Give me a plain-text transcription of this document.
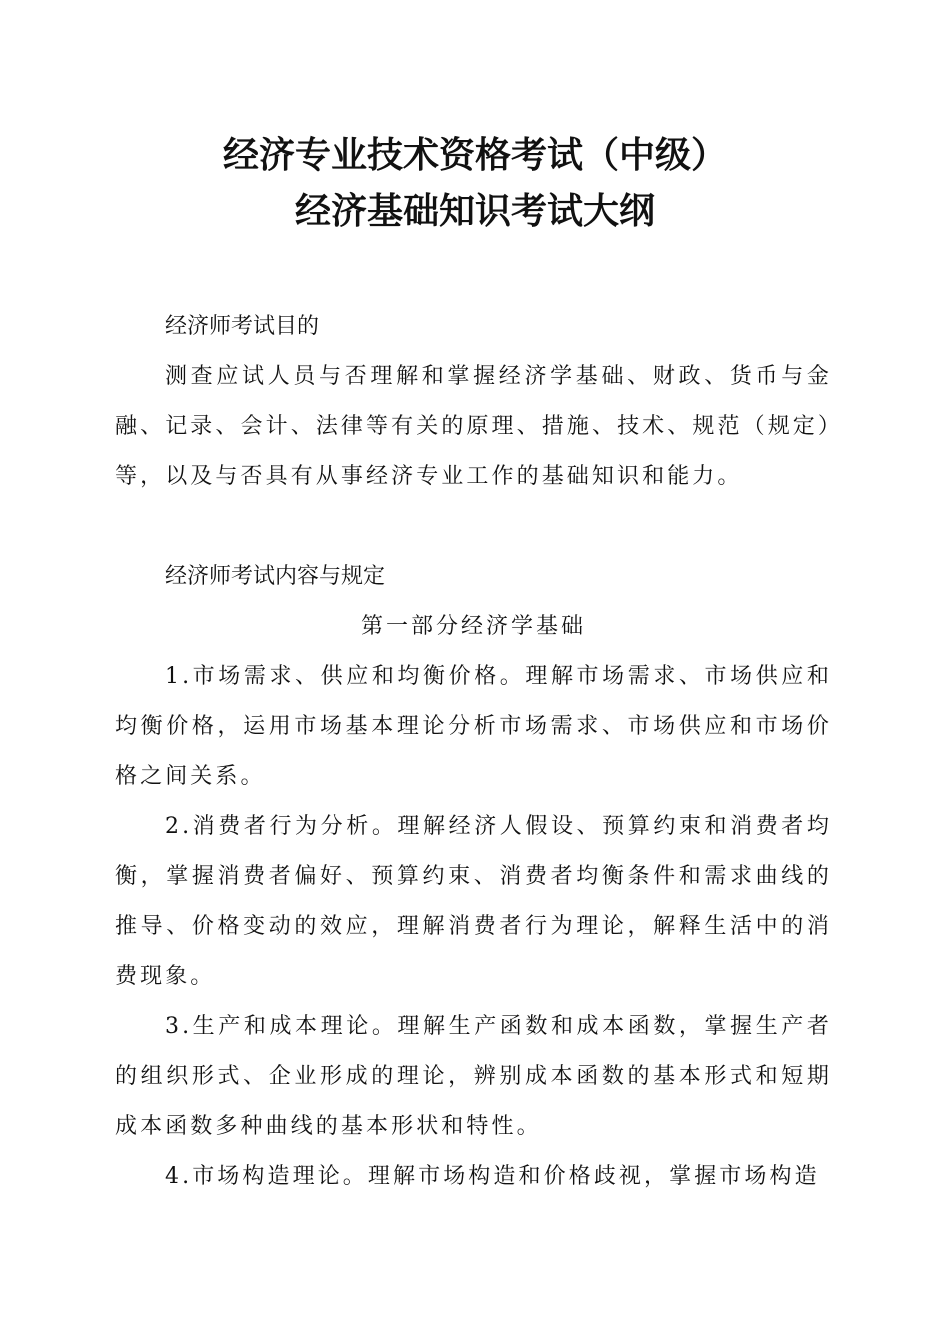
经济专业技术资格考试（中级）
经济基础知识考试大纲

经济师考试目的

测查应试人员与否理解和掌握经济学基础、财政、货币与金融、记录、会计、法律等有关的原理、措施、技术、规范（规定）等，以及与否具有从事经济专业工作的基础知识和能力。

经济师考试内容与规定

第一部分经济学基础

1.市场需求、供应和均衡价格。理解市场需求、市场供应和均衡价格，运用市场基本理论分析市场需求、市场供应和市场价格之间关系。

2.消费者行为分析。理解经济人假设、预算约束和消费者均衡，掌握消费者偏好、预算约束、消费者均衡条件和需求曲线的推导、价格变动的效应，理解消费者行为理论，解释生活中的消费现象。

3.生产和成本理论。理解生产函数和成本函数，掌握生产者的组织形式、企业形成的理论，辨别成本函数的基本形式和短期成本函数多种曲线的基本形状和特性。

4.市场构造理论。理解市场构造和价格歧视，掌握市场构造
